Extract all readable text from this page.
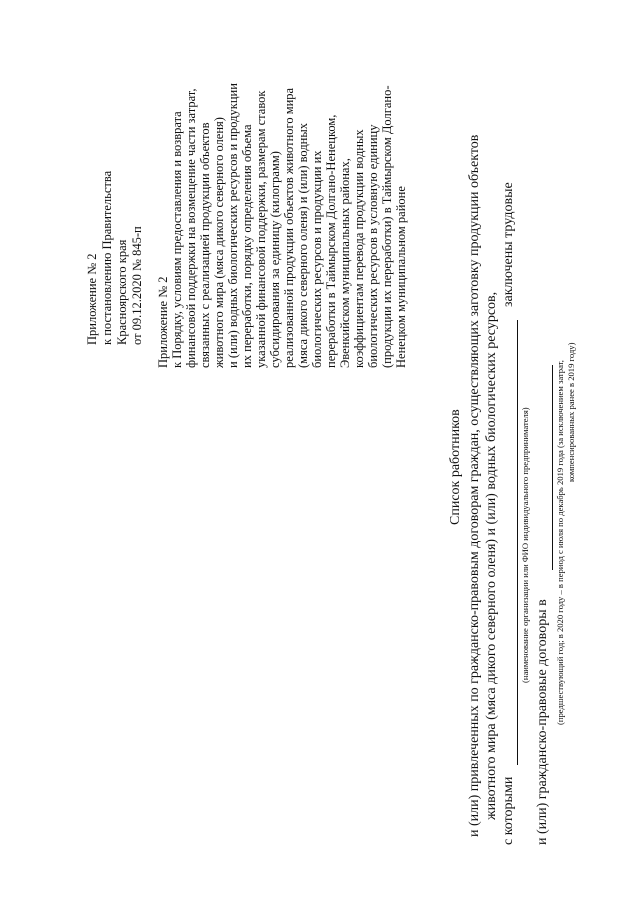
Приложение № 2 к постановлению Правительства Красноярского края от 09.12.2020 № 845-п Приложение № 2 к Порядку, условиям предоставления и возврата финансовой поддержки на возмещение части затрат, связанных с реализацией продукции объектов животного мира (мяса дикого северного оленя) и (или) водных биологических ресурсов и продукции их переработки, порядку определения объема указанной финансовой поддержки, размерам ставок субсидирования за единицу (килограмм) реализованной продукции объектов животного мира (мяса дикого северного оленя) и (или) водных биологических ресурсов и продукции их переработки в Таймырском Долгано-Ненецком, Эвенкийском муниципальных районах, коэффициентам перевода продукции водных биологических ресурсов в условную единицу (продукции их переработки) в Таймырском Долгано- Ненецком муниципальном районе
Список работников и (или) привлеченных по гражданско-правовым договорам граждан, осуществляющих заготовку продукции объектов животного мира (мяса дикого северного оленя) и (или) водных биологических ресурсов, с которыми
заключены трудовые
(наименование организации или ФИО индивидуального предпринимателя)
и (или) гражданско-правовые договоры в (предшествующий год; в 2020 году – в период с июля по декабрь 2019 года (за исключением затрат, компенсированных ранее в 2019 году)
